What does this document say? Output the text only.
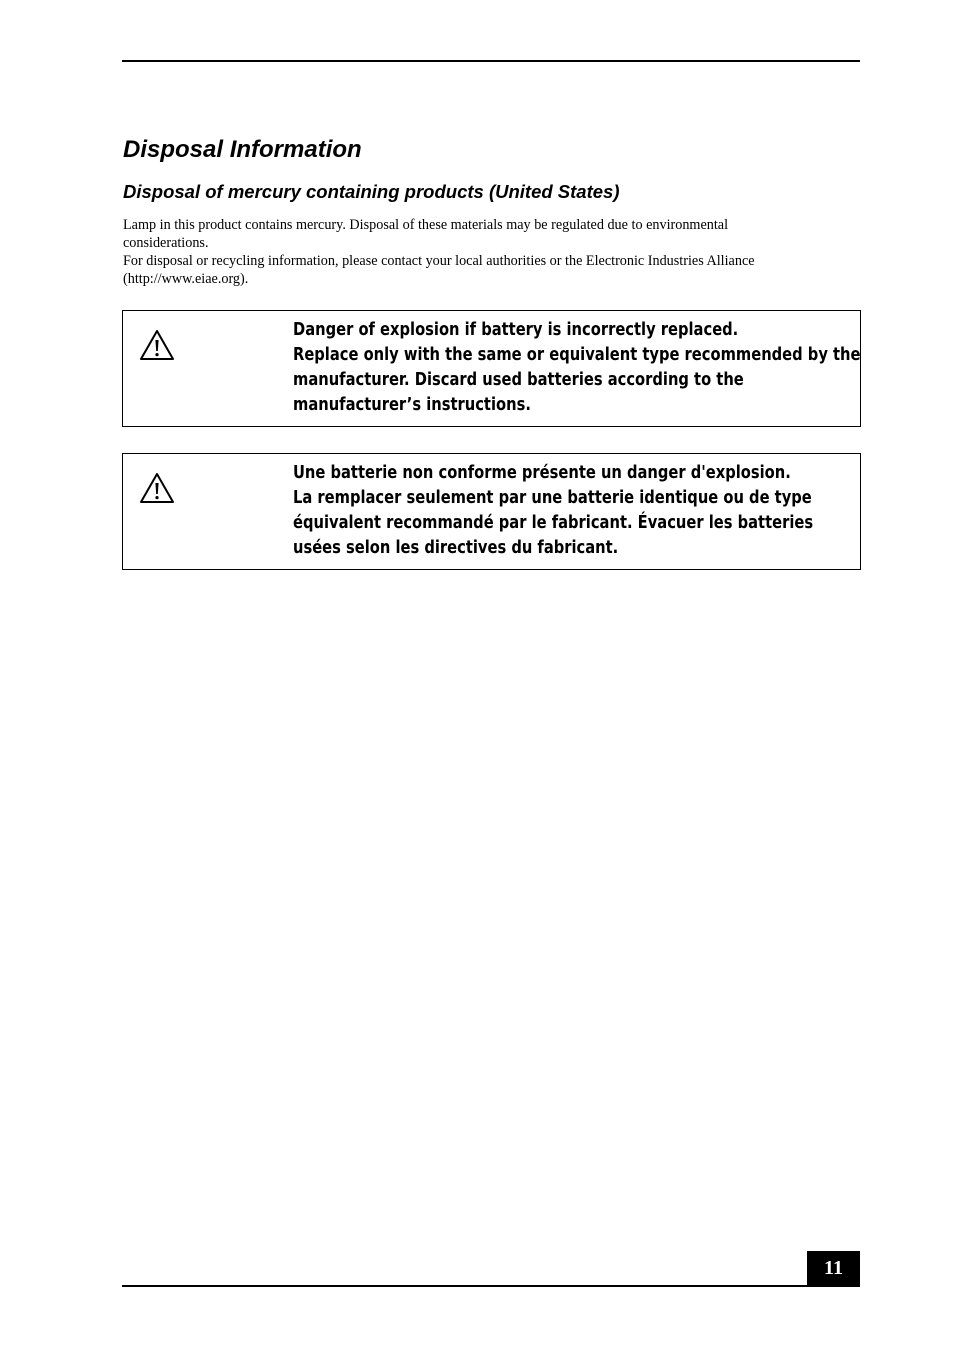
Disposal Information
Disposal of mercury containing products (United States)

Lamp in this product contains mercury. Disposal of these materials may be regulated due to environmental
considerations.
For disposal or recycling information, please contact your local authorities or the Electronic Industries Alliance
(http://www.eiae.org).

Danger of explosion if battery is incorrectly replaced.
Replace only with the same or equivalent type recommended by the
manufacturer. Discard used batteries according to the
manufacturer’s instructions.

Une batterie non conforme présente un danger d'explosion.
La remplacer seulement par une batterie identique ou de type
équivalent recommandé par le fabricant. Évacuer les batteries
usées selon les directives du fabricant.

11
